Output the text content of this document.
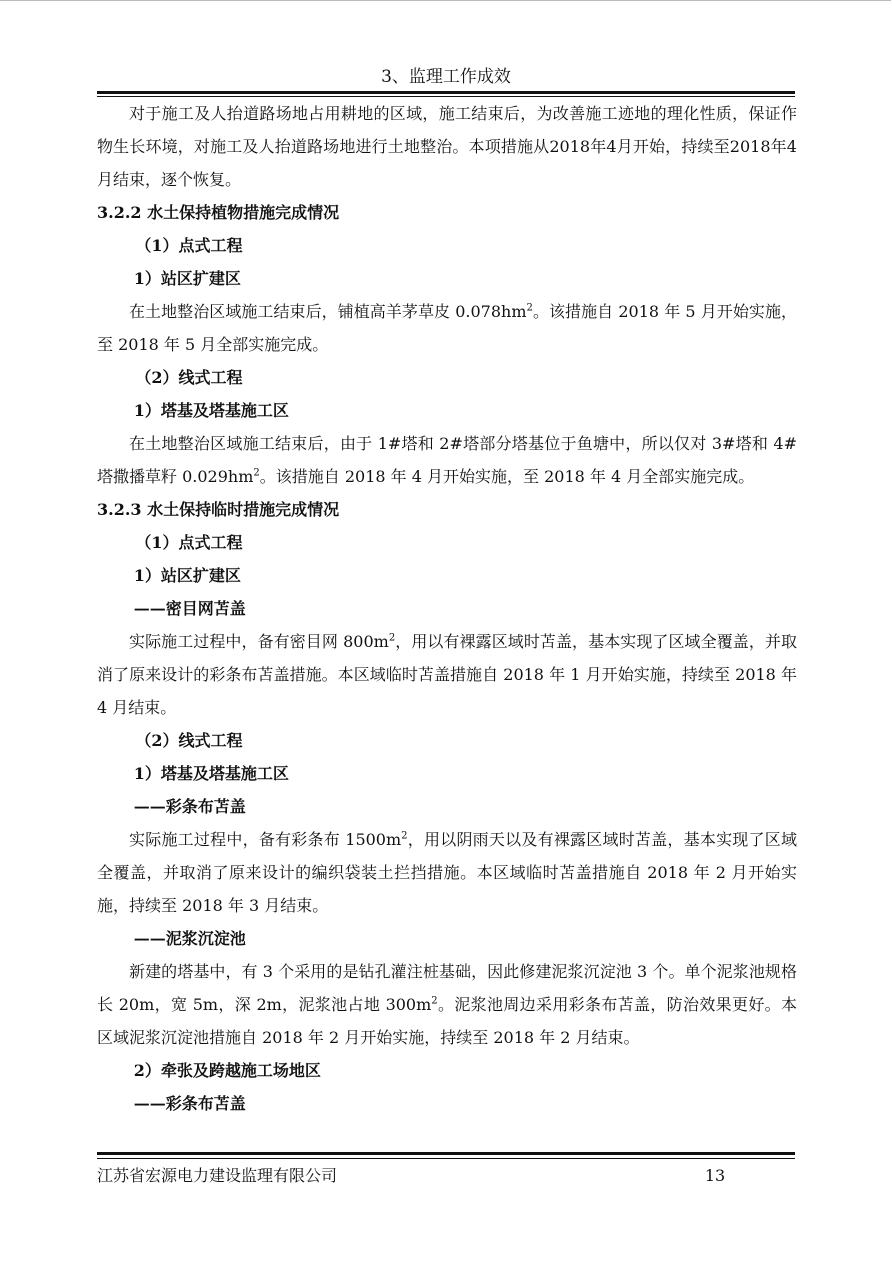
3、监理工作成效

对于施工及人抬道路场地占用耕地的区域，施工结束后，为改善施工迹地的理化性质，保证作物生长环境，对施工及人抬道路场地进行土地整治。本项措施从2018年4月开始，持续至2018年4月结束，逐个恢复。

3.2.2 水土保持植物措施完成情况

（1）点式工程

1）站区扩建区

在土地整治区域施工结束后，铺植高羊茅草皮 $0.078hm^2$。该措施自 2018 年 5 月开始实施，至 2018 年 5 月全部实施完成。

（2）线式工程

1）塔基及塔基施工区

在土地整治区域施工结束后，由于 1#塔和 2#塔部分塔基位于鱼塘中，所以仅对 3#塔和 4#塔撒播草籽 $0.029hm^2$。该措施自 2018 年 4 月开始实施，至 2018 年 4 月全部实施完成。

3.2.3 水土保持临时措施完成情况

（1）点式工程

1）站区扩建区

——密目网苫盖

实际施工过程中，备有密目网 $800m^2$，用以有裸露区域时苫盖，基本实现了区域全覆盖，并取消了原来设计的彩条布苫盖措施。本区域临时苫盖措施自 2018 年 1 月开始实施，持续至 2018 年 4 月结束。

（2）线式工程

1）塔基及塔基施工区

——彩条布苫盖

实际施工过程中，备有彩条布 $1500m^2$，用以阴雨天以及有裸露区域时苫盖，基本实现了区域全覆盖，并取消了原来设计的编织袋装土拦挡措施。本区域临时苫盖措施自 2018 年 2 月开始实施，持续至 2018 年 3 月结束。

——泥浆沉淀池

新建的塔基中，有 3 个采用的是钻孔灌注桩基础，因此修建泥浆沉淀池 3 个。单个泥浆池规格长 20m，宽 5m，深 2m，泥浆池占地 $300m^2$。泥浆池周边采用彩条布苫盖，防治效果更好。本区域泥浆沉淀池措施自 2018 年 2 月开始实施，持续至 2018 年 2 月结束。

2）牵张及跨越施工场地区

——彩条布苫盖

江苏省宏源电力建设监理有限公司	13
